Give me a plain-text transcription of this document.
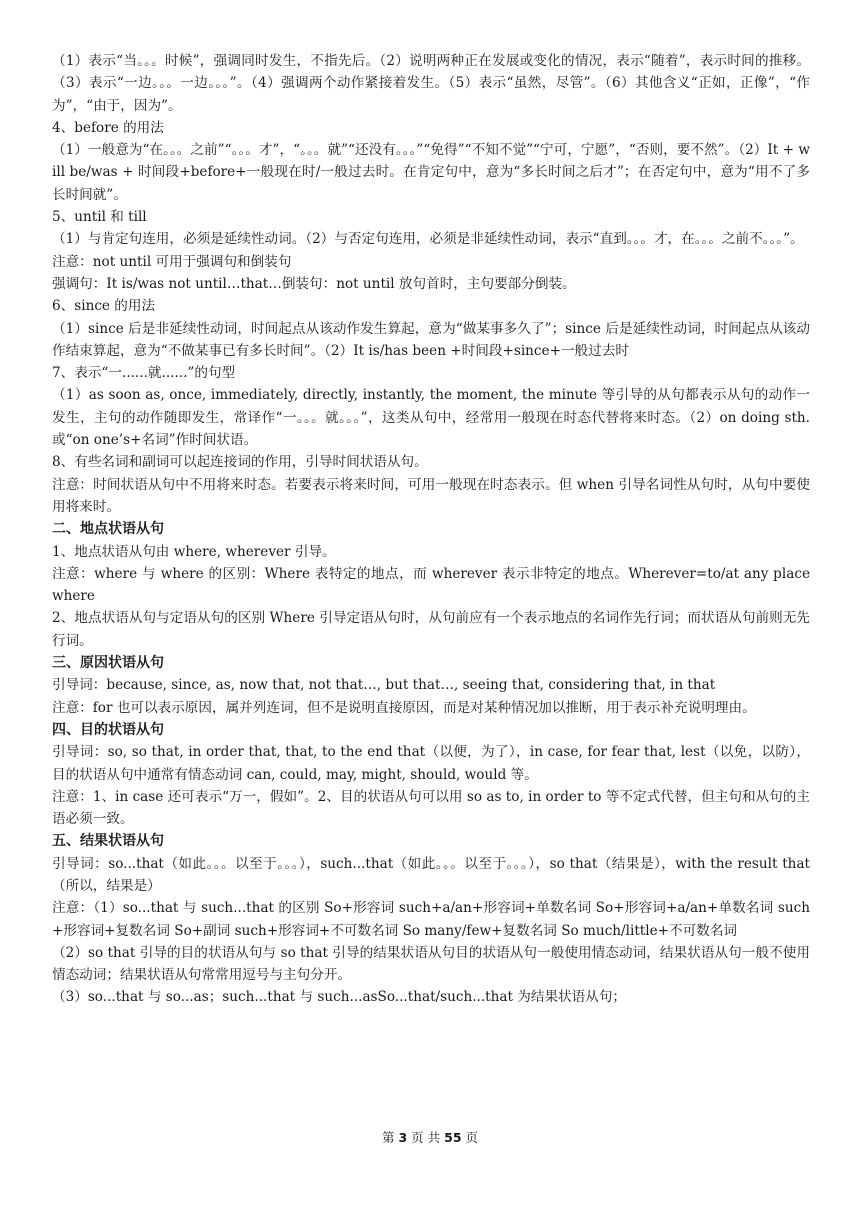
（1）表示“当。。。时候”，强调同时发生，不指先后。（2）说明两种正在发展或变化的情况，表示“随着”，表示时间的推移。（3）表示“一边。。。一边。。。”。（4）强调两个动作紧接着发生。（5）表示“虽然，尽管”。（6）其他含义“正如，正像”，“作为”，“由于，因为”。

4、before 的用法

（1）一般意为“在。。。之前”“。。。才”，“。。。就”“还没有。。。”“免得”“不知不觉”“宁可，宁愿”，“否则，要不然”。（2）It + will be/was + 时间段+before+一般现在时/一般过去时。在肯定句中，意为“多长时间之后才”；在否定句中，意为“用不了多长时间就”。

5、until 和 till

（1）与肯定句连用，必须是延续性动词。（2）与否定句连用，必须是非延续性动词，表示“直到。。。才，在。。。之前不。。。”。

注意：not until 可用于强调句和倒装句

强调句：It is/was not until…that…倒装句：not until 放句首时，主句要部分倒装。

6、since 的用法

（1）since 后是非延续性动词，时间起点从该动作发生算起，意为“做某事多久了”；since 后是延续性动词，时间起点从该动作结束算起，意为“不做某事已有多长时间”。（2）It is/has been +时间段+since+一般过去时

7、表示“一......就......”的句型

（1）as soon as, once, immediately, directly, instantly, the moment, the minute 等引导的从句都表示从句的动作一发生，主句的动作随即发生，常译作“一。。。就。。。”，这类从句中，经常用一般现在时态代替将来时态。（2）on doing sth. 或“on one’s+名词”作时间状语。

8、有些名词和副词可以起连接词的作用，引导时间状语从句。

注意：时间状语从句中不用将来时态。若要表示将来时间，可用一般现在时态表示。但 when 引导名词性从句时，从句中要使用将来时。

二、地点状语从句

1、地点状语从句由 where, wherever 引导。

注意：where 与 where 的区别：Where 表特定的地点，而 wherever 表示非特定的地点。Wherever=to/at any place where

2、地点状语从句与定语从句的区别 Where 引导定语从句时，从句前应有一个表示地点的名词作先行词；而状语从句前则无先行词。

三、原因状语从句

引导词：because, since, as, now that, not that…, but that…, seeing that, considering that, in that

注意：for 也可以表示原因，属并列连词，但不是说明直接原因，而是对某种情况加以推断，用于表示补充说明理由。

四、目的状语从句

引导词：so, so that, in order that, that, to the end that（以便，为了），in case, for fear that, lest（以免，以防），目的状语从句中通常有情态动词 can, could, may, might, should, would 等。

注意：1、in case 还可表示“万一，假如”。2、目的状语从句可以用 so as to, in order to 等不定式代替，但主句和从句的主语必须一致。

五、结果状语从句

引导词：so...that（如此。。。以至于。。。），such...that（如此。。。以至于。。。），so that（结果是），with the result that（所以，结果是）

注意：（1）so...that 与 such...that 的区别 So+形容词 such+a/an+形容词+单数名词 So+形容词+a/an+单数名词 such+形容词+复数名词 So+副词 such+形容词+不可数名词 So many/few+复数名词 So much/little+不可数名词

（2）so that 引导的目的状语从句与 so that 引导的结果状语从句目的状语从句一般使用情态动词，结果状语从句一般不使用情态动词；结果状语从句常常用逗号与主句分开。

（3）so...that 与 so...as；such...that 与 such...asSo...that/such...that 为结果状语从句；

第 3 页 共 55 页
